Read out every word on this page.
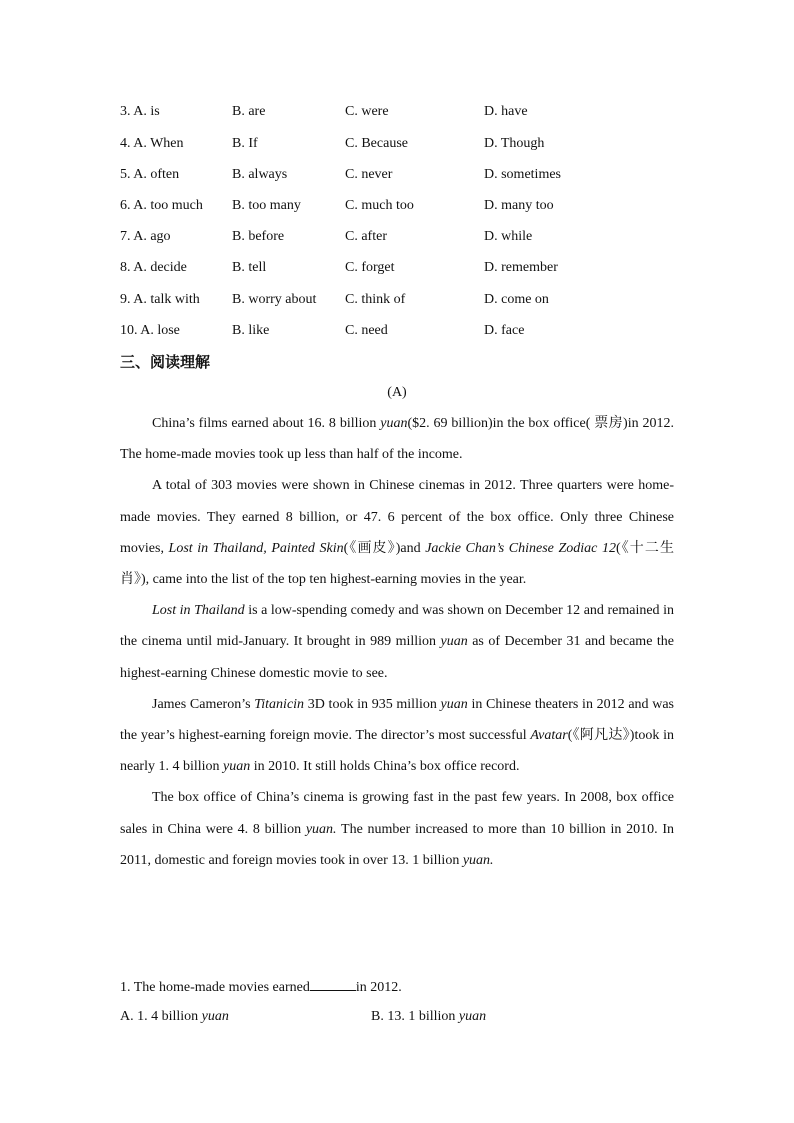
3. A. is	B. are	C. were	D. have
4. A. When	B. If	C. Because	D. Though
5. A. often	B. always	C. never	D. sometimes
6. A. too much B. too many	C. much too	D. many too
7. A. ago	B. before	C. after	D. while
8. A. decide	B. tell	C. forget	D. remember
9. A. talk with B. worry about C. think of	D. come on
10. A. lose	B. like	C. need	D. face
三、阅读理解
(A)

China’s films earned about 16. 8 billion yuan($2. 69 billion)in the box office( 票房)in 2012. The home-made movies took up less than half of the income.

A total of 303 movies were shown in Chinese cinemas in 2012. Three quarters were home-made movies. They earned 8 billion, or 47. 6 percent of the box office. Only three Chinese movies, Lost in Thailand, Painted Skin(《画皮》)and Jackie Chan’s Chinese Zodiac 12(《十二生肖》), came into the list of the top ten highest-earning movies in the year.

Lost in Thailand is a low-spending comedy and was shown on December 12 and remained in the cinema until mid-January. It brought in 989 million yuan as of December 31 and became the highest-earning Chinese domestic movie to see.

James Cameron’s Titanicin 3D took in 935 million yuan in Chinese theaters in 2012 and was the year’s highest-earning foreign movie. The director’s most successful Avatar(《阿凡达》)took in nearly 1. 4 billion yuan in 2010. It still holds China’s box office record.

The box office of China’s cinema is growing fast in the past few years. In 2008, box office sales in China were 4. 8 billion yuan. The number increased to more than 10 billion in 2010. In 2011, domestic and foreign movies took in over 13. 1 billion yuan.

1. The home-made movies earned	in 2012.
A. 1. 4 billion yuan	B. 13. 1 billion yuan
